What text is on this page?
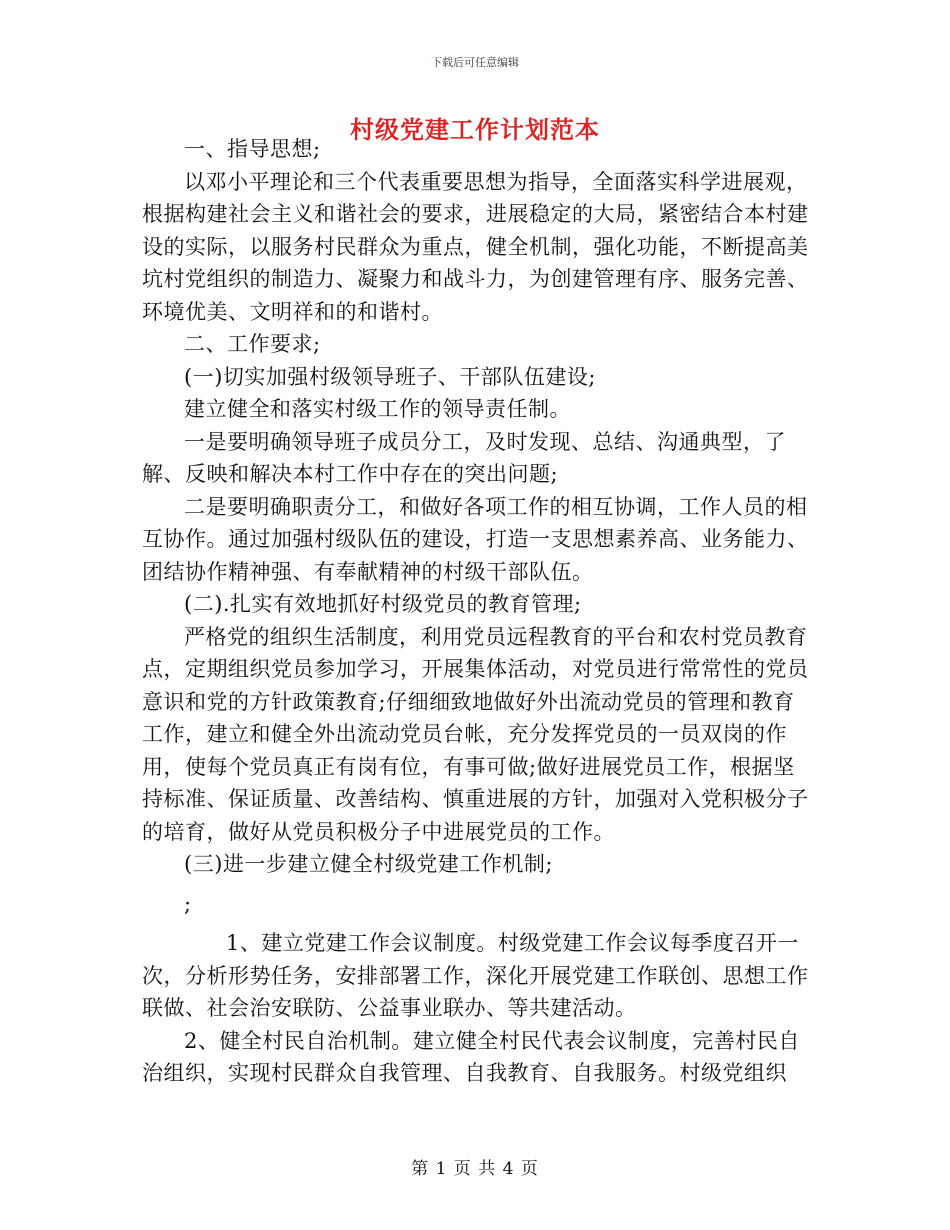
下载后可任意编辑
村级党建工作计划范本

一、指导思想;

以邓小平理论和三个代表重要思想为指导，全面落实科学进展观，根据构建社会主义和谐社会的要求，进展稳定的大局，紧密结合本村建设的实际，以服务村民群众为重点，健全机制，强化功能，不断提高美坑村党组织的制造力、凝聚力和战斗力，为创建管理有序、服务完善、环境优美、文明祥和的和谐村。

二、工作要求;

(一)切实加强村级领导班子、干部队伍建设;

建立健全和落实村级工作的领导责任制。

一是要明确领导班子成员分工，及时发现、总结、沟通典型，了解、反映和解决本村工作中存在的突出问题;

二是要明确职责分工，和做好各项工作的相互协调，工作人员的相互协作。通过加强村级队伍的建设，打造一支思想素养高、业务能力、团结协作精神强、有奉献精神的村级干部队伍。

(二).扎实有效地抓好村级党员的教育管理;

严格党的组织生活制度，利用党员远程教育的平台和农村党员教育点，定期组织党员参加学习，开展集体活动，对党员进行常常性的党员意识和党的方针政策教育;仔细细致地做好外出流动党员的管理和教育工作，建立和健全外出流动党员台帐，充分发挥党员的一员双岗的作用，使每个党员真正有岗有位，有事可做;做好进展党员工作，根据坚持标准、保证质量、改善结构、慎重进展的方针，加强对入党积极分子的培育，做好从党员积极分子中进展党员的工作。

(三)进一步建立健全村级党建工作机制;

;

1、建立党建工作会议制度。村级党建工作会议每季度召开一次，分析形势任务，安排部署工作，深化开展党建工作联创、思想工作联做、社会治安联防、公益事业联办、等共建活动。

2、健全村民自治机制。建立健全村民代表会议制度，完善村民自治组织，实现村民群众自我管理、自我教育、自我服务。村级党组织

第 1 页 共 4 页
